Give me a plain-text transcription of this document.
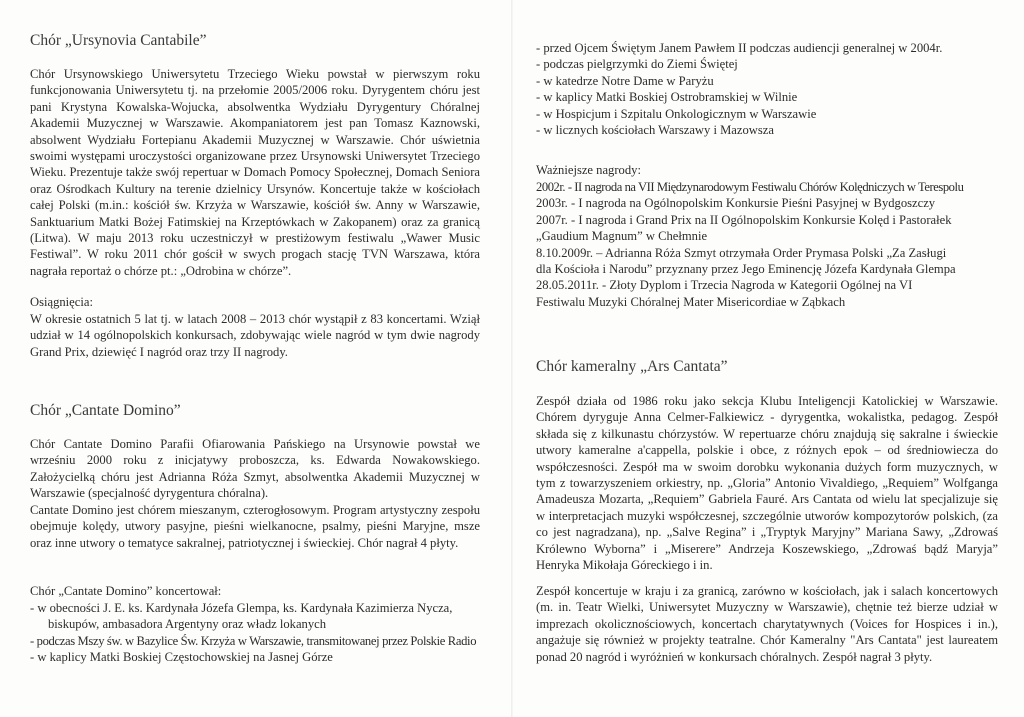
Chór „Ursynovia Cantabile”

Chór Ursynowskiego Uniwersytetu Trzeciego Wieku powstał w pierwszym roku funkcjonowania Uniwersytetu tj. na przełomie 2005/2006 roku. Dyrygentem chóru jest pani Krystyna Kowalska-Wojucka, absolwentka Wydziału Dyrygentury Chóralnej Akademii Muzycznej w Warszawie. Akompaniatorem jest pan Tomasz Kaznowski, absolwent Wydziału Fortepianu Akademii Muzycznej w Warszawie. Chór uświetnia swoimi występami uroczystości organizowane przez Ursynowski Uniwersytet Trzeciego Wieku. Prezentuje także swój repertuar w Domach Pomocy Społecznej, Domach Seniora oraz Ośrodkach Kultury na terenie dzielnicy Ursynów. Koncertuje także w kościołach całej Polski (m.in.: kościół św. Krzyża w Warszawie, kościół św. Anny w Warszawie, Sanktuarium Matki Bożej Fatimskiej na Krzeptówkach w Zakopanem) oraz za granicą (Litwa). W maju 2013 roku uczestniczył w prestiżowym festiwalu „Wawer Music Festiwal”. W roku 2011 chór gościł w swych progach stację TVN Warszawa, która nagrała reportaż o chórze pt.: „Odrobina w chórze”.

Osiągnięcia:

W okresie ostatnich 5 lat tj. w latach 2008 – 2013 chór wystąpił z 83 koncertami. Wziął udział w 14 ogólnopolskich konkursach, zdobywając wiele nagród w tym dwie nagrody Grand Prix, dziewięć I nagród oraz trzy II nagrody.

Chór „Cantate Domino”

Chór Cantate Domino Parafii Ofiarowania Pańskiego na Ursynowie powstał we wrześniu 2000 roku z inicjatywy proboszcza, ks. Edwarda Nowakowskiego. Założycielką chóru jest Adrianna Róża Szmyt, absolwentka Akademii Muzycznej w Warszawie (specjalność dyrygentura chóralna).

Cantate Domino jest chórem mieszanym, czterogłosowym. Program artystyczny zespołu obejmuje kolędy, utwory pasyjne, pieśni wielkanocne, psalmy, pieśni Maryjne, msze oraz inne utwory o tematyce sakralnej, patriotycznej i świeckiej. Chór nagrał 4 płyty.

Chór „Cantate Domino” koncertował:

- w obecności J. E. ks. Kardynała Józefa Glempa, ks. Kardynała Kazimierza Nycza,
biskupów, ambasadora Argentyny oraz władz lokanych
- podczas Mszy św. w Bazylice Św. Krzyża w Warszawie, transmitowanej przez Polskie Radio
- w kaplicy Matki Boskiej Częstochowskiej na Jasnej Górze
- przed Ojcem Świętym Janem Pawłem II podczas audiencji generalnej w 2004r.
- podczas pielgrzymki do Ziemi Świętej
- w katedrze Notre Dame w Paryżu
- w kaplicy Matki Boskiej Ostrobramskiej w Wilnie
- w Hospicjum i Szpitalu Onkologicznym w Warszawie
- w licznych kościołach Warszawy i Mazowsza

Ważniejsze nagrody:

2002r. - II nagroda na VII Międzynarodowym Festiwalu Chórów Kolędniczych w Terespolu
2003r. - I nagroda na Ogólnopolskim Konkursie Pieśni Pasyjnej w Bydgoszczy
2007r. - I nagroda i Grand Prix na II Ogólnopolskim Konkursie Kolęd i Pastorałek
„Gaudium Magnum” w Chełmnie
8.10.2009r. – Adrianna Róża Szmyt otrzymała Order Prymasa Polski „Za Zasługi
dla Kościoła i Narodu” przyznany przez Jego Eminencję Józefa Kardynała Glempa
28.05.2011r. - Złoty Dyplom i Trzecia Nagroda w Kategorii Ogólnej na VI
Festiwalu Muzyki Chóralnej Mater Misericordiae w Ząbkach
Chór kameralny „Ars Cantata”

Zespół działa od 1986 roku jako sekcja Klubu Inteligencji Katolickiej w Warszawie. Chórem dyryguje Anna Celmer-Falkiewicz - dyrygentka, wokalistka, pedagog. Zespół składa się z kilkunastu chórzystów. W repertuarze chóru znajdują się sakralne i świeckie utwory kameralne a'cappella, polskie i obce, z różnych epok – od średniowiecza do współczesności. Zespół ma w swoim dorobku wykonania dużych form muzycznych, w tym z towarzyszeniem orkiestry, np. „Gloria” Antonio Vivaldiego, „Requiem” Wolfganga Amadeusza Mozarta, „Requiem” Gabriela Fauré. Ars Cantata od wielu lat specjalizuje się w interpretacjach muzyki współczesnej, szczególnie utworów kompozytorów polskich, (za co jest nagradzana), np. „Salve Regina” i „Tryptyk Maryjny” Mariana Sawy, „Zdrowaś Królewno Wyborna” i „Miserere” Andrzeja Koszewskiego, „Zdrowaś bądź Maryja” Henryka Mikołaja Góreckiego i in.

Zespół koncertuje w kraju i za granicą, zarówno w kościołach, jak i salach koncertowych (m. in. Teatr Wielki, Uniwersytet Muzyczny w Warszawie), chętnie też bierze udział w imprezach okolicznościowych, koncertach charytatywnych (Voices for Hospices i in.), angażuje się również w projekty teatralne. Chór Kameralny "Ars Cantata" jest laureatem ponad 20 nagród i wyróżnień w konkursach chóralnych. Zespół nagrał 3 płyty.
